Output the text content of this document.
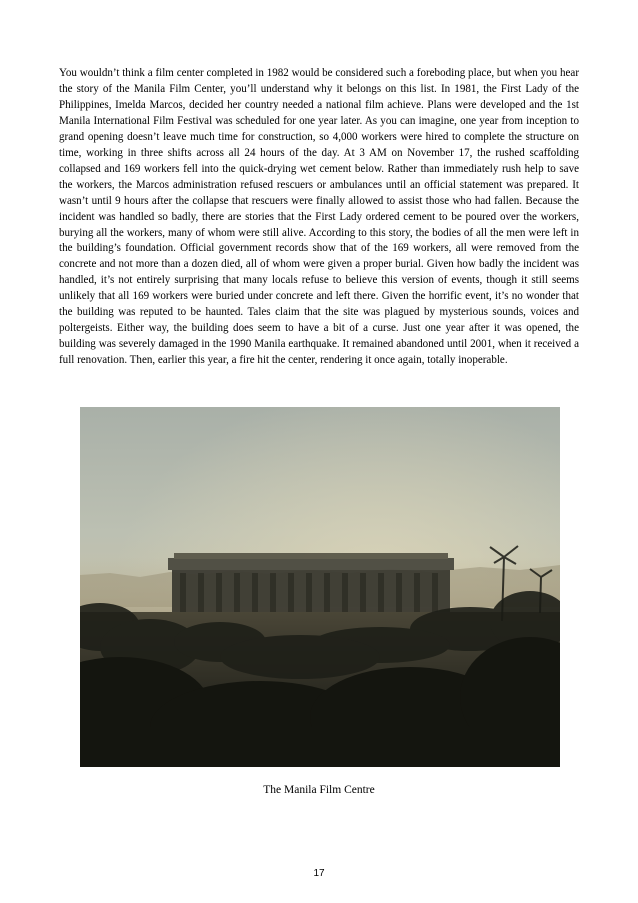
You wouldn’t think a film center completed in 1982 would be considered such a foreboding place, but when you hear the story of the Manila Film Center, you’ll understand why it belongs on this list. In 1981, the First Lady of the Philippines, Imelda Marcos, decided her country needed a national film achieve. Plans were developed and the 1st Manila International Film Festival was scheduled for one year later. As you can imagine, one year from inception to grand opening doesn’t leave much time for construction, so 4,000 workers were hired to complete the structure on time, working in three shifts across all 24 hours of the day. At 3 AM on November 17, the rushed scaffolding collapsed and 169 workers fell into the quick-drying wet cement below. Rather than immediately rush help to save the workers, the Marcos administration refused rescuers or ambulances until an official statement was prepared. It wasn’t until 9 hours after the collapse that rescuers were finally allowed to assist those who had fallen. Because the incident was handled so badly, there are stories that the First Lady ordered cement to be poured over the workers, burying all the workers, many of whom were still alive. According to this story, the bodies of all the men were left in the building’s foundation. Official government records show that of the 169 workers, all were removed from the concrete and not more than a dozen died, all of whom were given a proper burial. Given how badly the incident was handled, it’s not entirely surprising that many locals refuse to believe this version of events, though it still seems unlikely that all 169 workers were buried under concrete and left there. Given the horrific event, it’s no wonder that the building was reputed to be haunted. Tales claim that the site was plagued by mysterious sounds, voices and poltergeists. Either way, the building does seem to have a bit of a curse. Just one year after it was opened, the building was severely damaged in the 1990 Manila earthquake. It remained abandoned until 2001, when it received a full renovation. Then, earlier this year, a fire hit the center, rendering it once again, totally inoperable.

The Manila Film Centre

17
